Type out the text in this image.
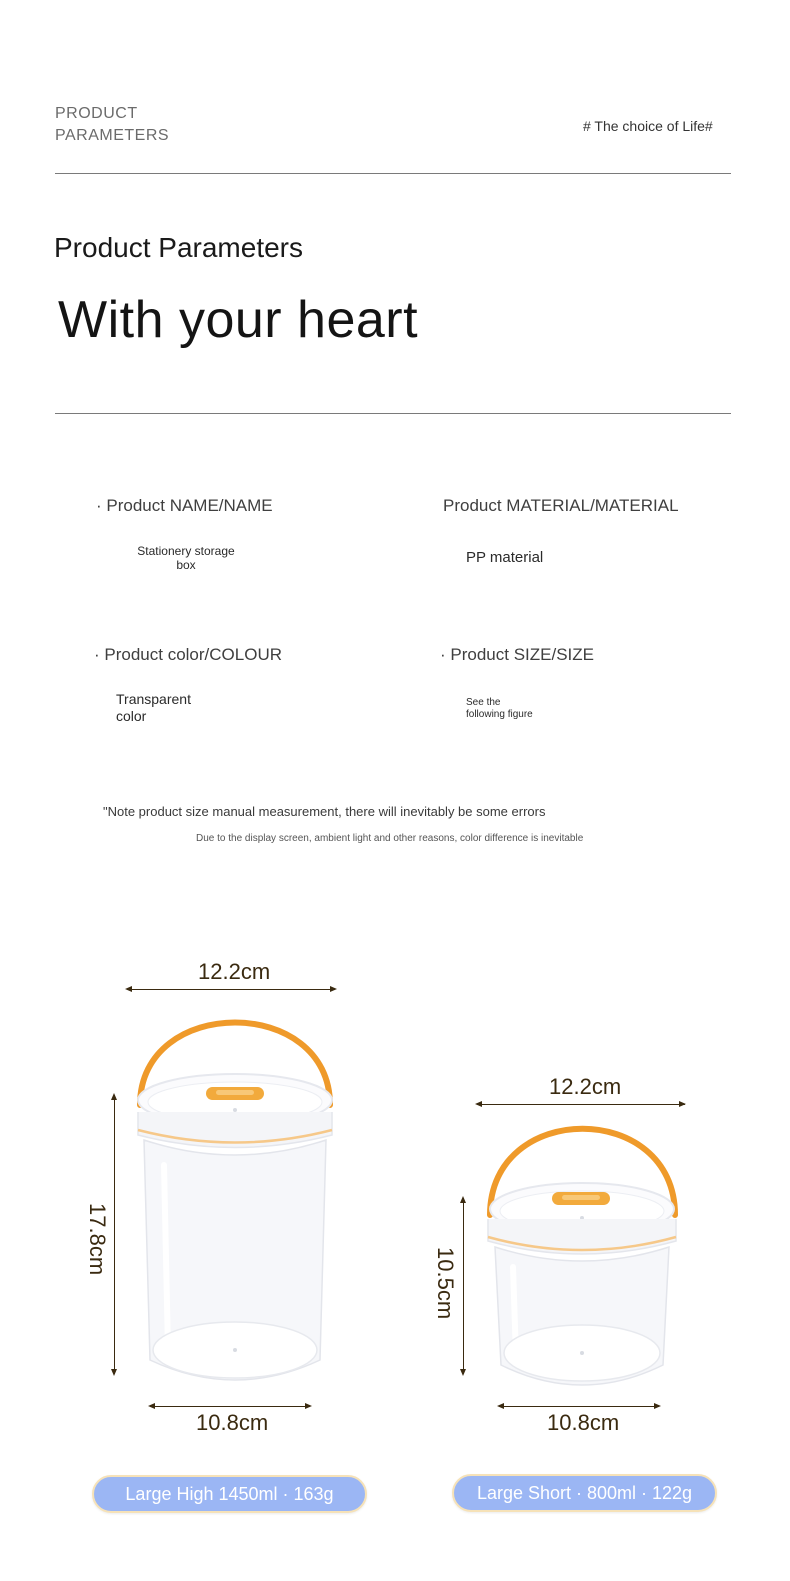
PRODUCT
PARAMETERS
# The choice of Life#
Product Parameters
With your heart
· Product NAME/NAME
Stationery storage
box
Product MATERIAL/MATERIAL
PP material
· Product color/COLOUR
Transparent
color
· Product SIZE/SIZE
See the
following figure
"Note product size manual measurement, there will inevitably be some errors
Due to the display screen, ambient light and other reasons, color difference is inevitable
12.2cm
17.8cm
10.8cm
Large High 1450ml · 163g
12.2cm
10.5cm
10.8cm
Large Short · 800ml · 122g
